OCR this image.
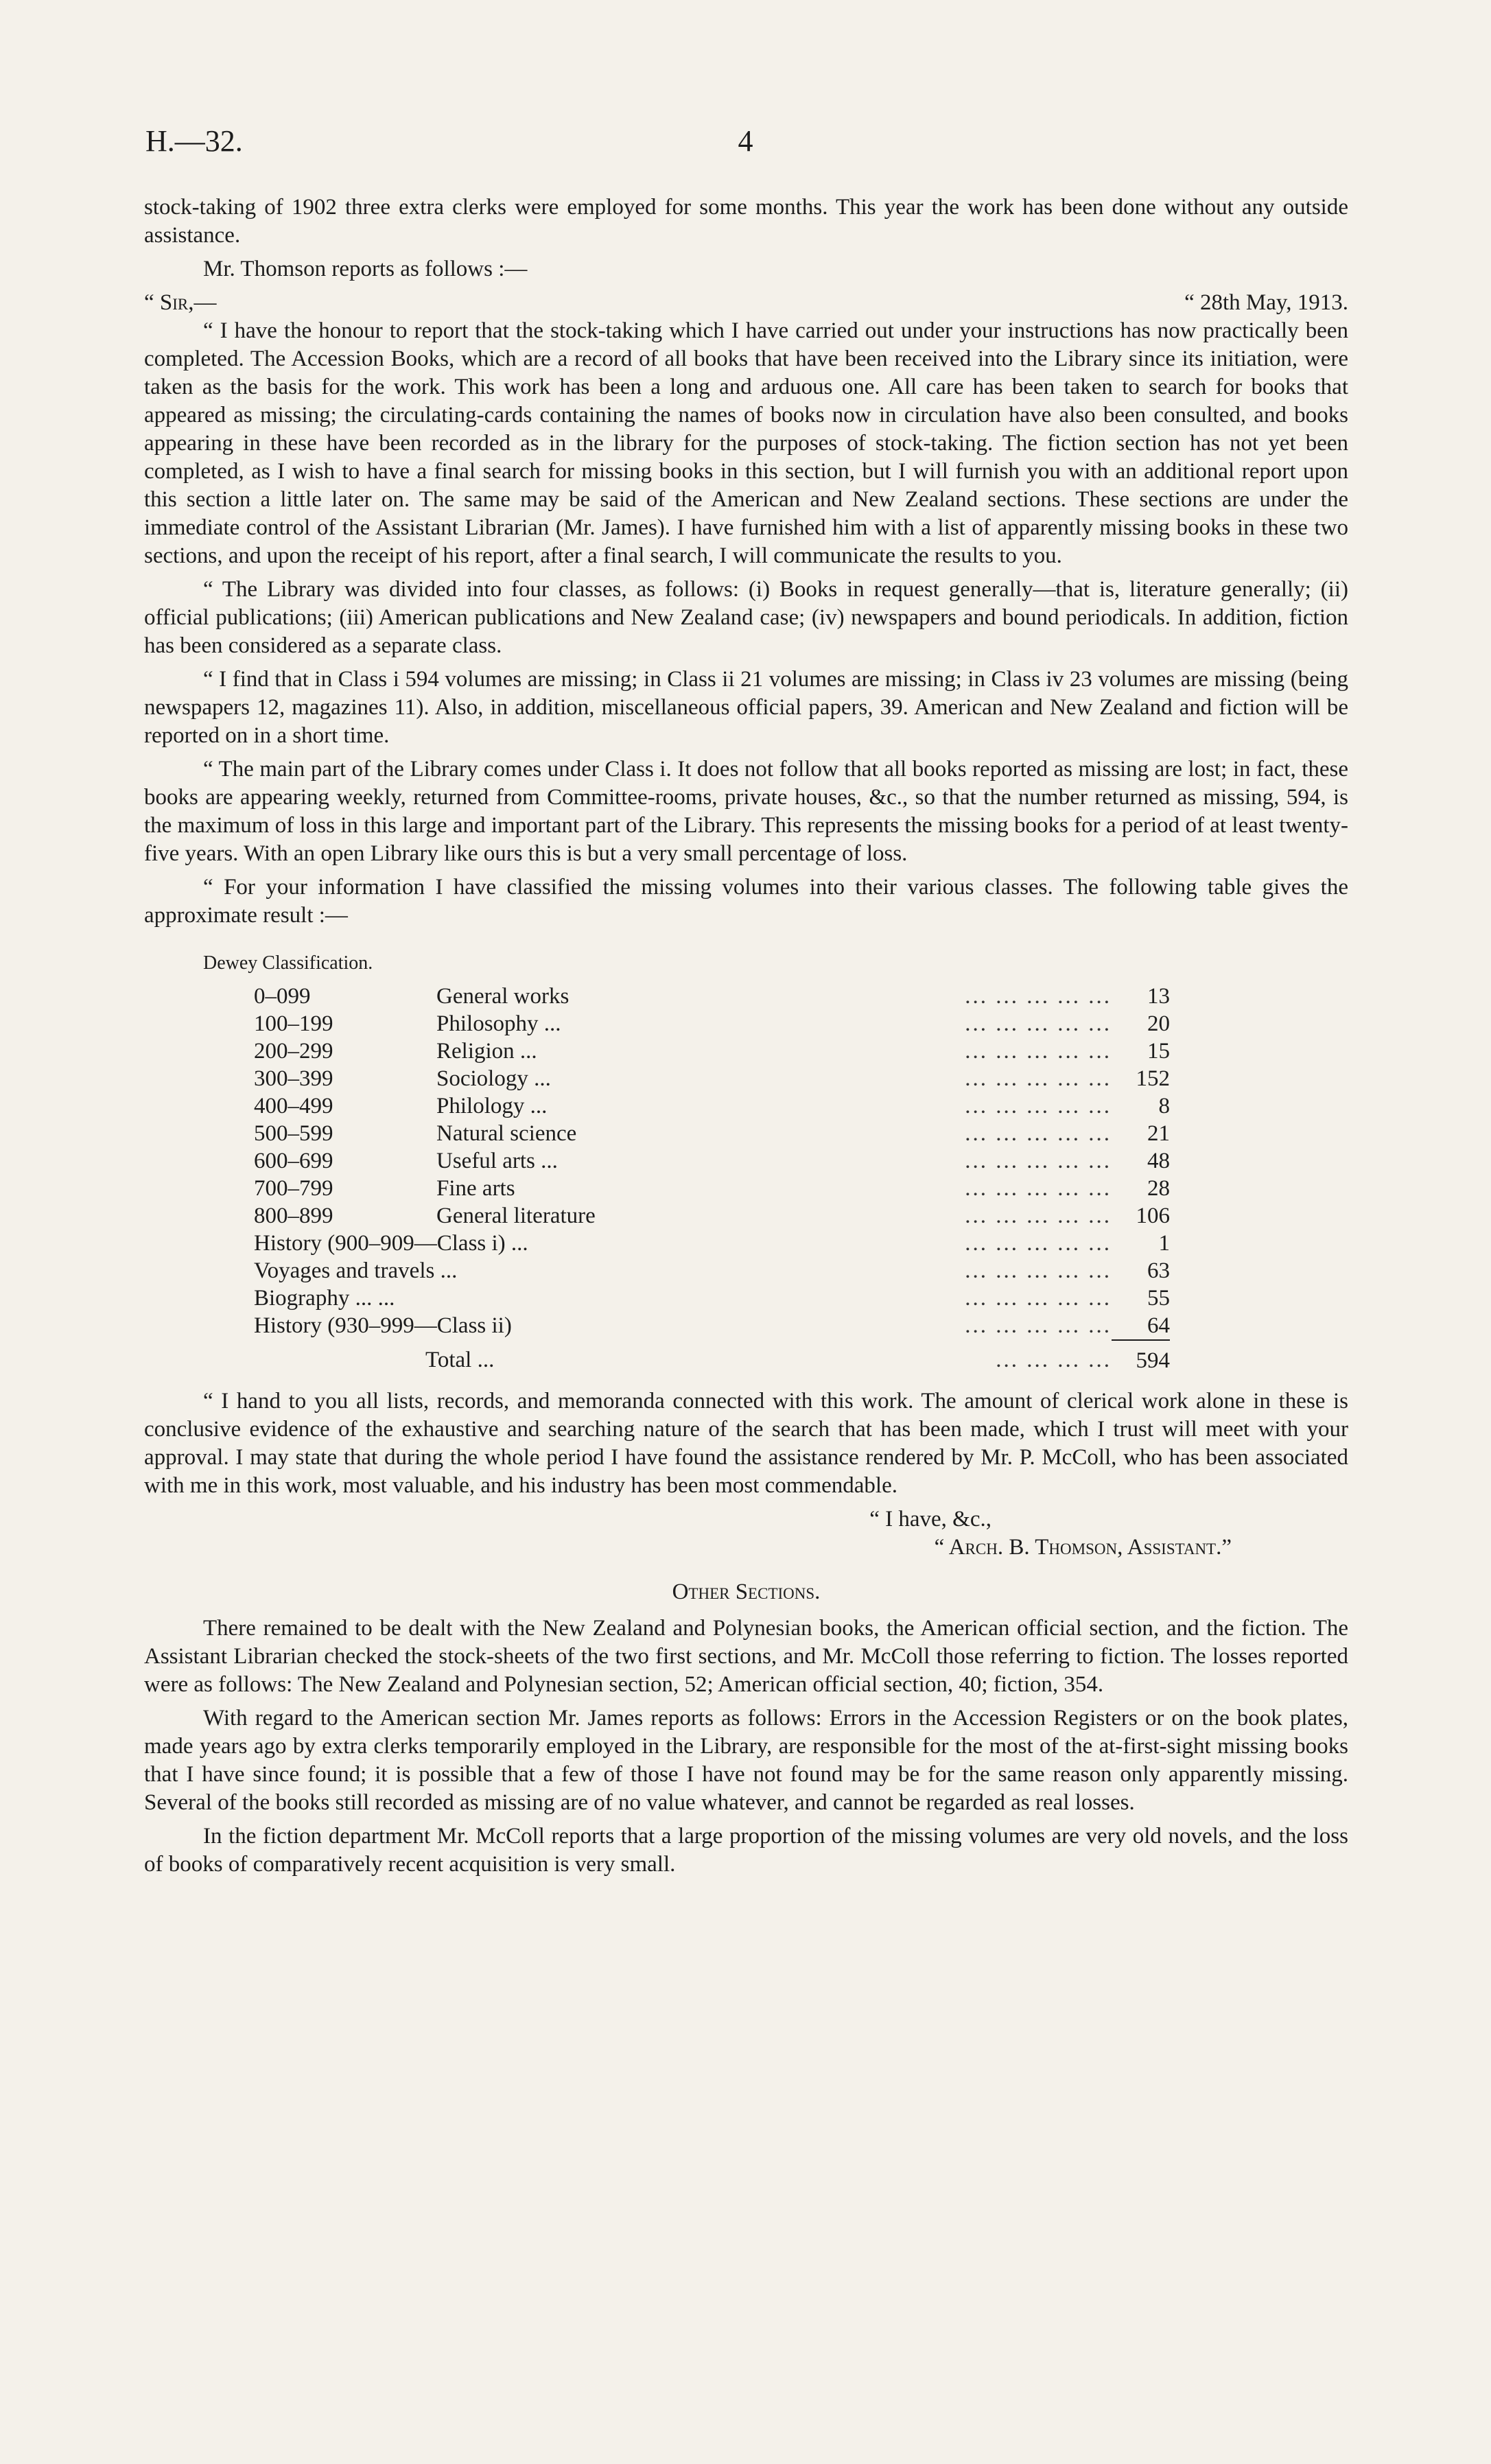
H.—32.	4

stock-taking of 1902 three extra clerks were employed for some months. This year the work has been done without any outside assistance.

Mr. Thomson reports as follows :—

“ Sir,—	“ 28th May, 1913.

“ I have the honour to report that the stock-taking which I have carried out under your instructions has now practically been completed. The Accession Books, which are a record of all books that have been received into the Library since its initiation, were taken as the basis for the work. This work has been a long and arduous one. All care has been taken to search for books that appeared as missing; the circulating-cards containing the names of books now in circulation have also been consulted, and books appearing in these have been recorded as in the library for the purposes of stock-taking. The fiction section has not yet been completed, as I wish to have a final search for missing books in this section, but I will furnish you with an additional report upon this section a little later on. The same may be said of the American and New Zealand sections. These sections are under the immediate control of the Assistant Librarian (Mr. James). I have furnished him with a list of apparently missing books in these two sections, and upon the receipt of his report, after a final search, I will communicate the results to you.

“ The Library was divided into four classes, as follows: (i) Books in request generally—that is, literature generally; (ii) official publications; (iii) American publications and New Zealand case; (iv) newspapers and bound periodicals. In addition, fiction has been considered as a separate class.

“ I find that in Class i 594 volumes are missing; in Class ii 21 volumes are missing; in Class iv 23 volumes are missing (being newspapers 12, magazines 11). Also, in addition, miscellaneous official papers, 39. American and New Zealand and fiction will be reported on in a short time.

“ The main part of the Library comes under Class i. It does not follow that all books reported as missing are lost; in fact, these books are appearing weekly, returned from Committee-rooms, private houses, &c., so that the number returned as missing, 594, is the maximum of loss in this large and important part of the Library. This represents the missing books for a period of at least twenty-five years. With an open Library like ours this is but a very small percentage of loss.

“ For your information I have classified the missing volumes into their various classes. The following table gives the approximate result :—

Dewey Classification.
0–099	General works	... ... ... ... ...	13
100–199	Philosophy ...	... ... ... ... ...	20
200–299	Religion ...	... ... ... ... ...	15
300–399	Sociology ...	... ... ... ... ...	152
400–499	Philology ...	... ... ... ... ...	8
500–599	Natural science	... ... ... ... ...	21
600–699	Useful arts ...	... ... ... ... ...	48
700–799	Fine arts	... ... ... ... ...	28
800–899	General literature	... ... ... ... ...	106
History (900–909—Class i) ...		... ... ... ... ...	1
Voyages and travels ...		... ... ... ... ...	63
Biography ... ...		... ... ... ... ...	55
History (930–999—Class ii)		... ... ... ... ...	64
Total ...		... ... ... ...	594

“ I hand to you all lists, records, and memoranda connected with this work. The amount of clerical work alone in these is conclusive evidence of the exhaustive and searching nature of the search that has been made, which I trust will meet with your approval. I may state that during the whole period I have found the assistance rendered by Mr. P. McColl, who has been associated with me in this work, most valuable, and his industry has been most commendable.

“ I have, &c.,

“ Arch. B. Thomson, Assistant.”

Other Sections.

There remained to be dealt with the New Zealand and Polynesian books, the American official section, and the fiction. The Assistant Librarian checked the stock-sheets of the two first sections, and Mr. McColl those referring to fiction. The losses reported were as follows: The New Zealand and Polynesian section, 52; American official section, 40; fiction, 354.

With regard to the American section Mr. James reports as follows: Errors in the Accession Registers or on the book plates, made years ago by extra clerks temporarily employed in the Library, are responsible for the most of the at-first-sight missing books that I have since found; it is possible that a few of those I have not found may be for the same reason only apparently missing. Several of the books still recorded as missing are of no value whatever, and cannot be regarded as real losses.

In the fiction department Mr. McColl reports that a large proportion of the missing volumes are very old novels, and the loss of books of comparatively recent acquisition is very small.
